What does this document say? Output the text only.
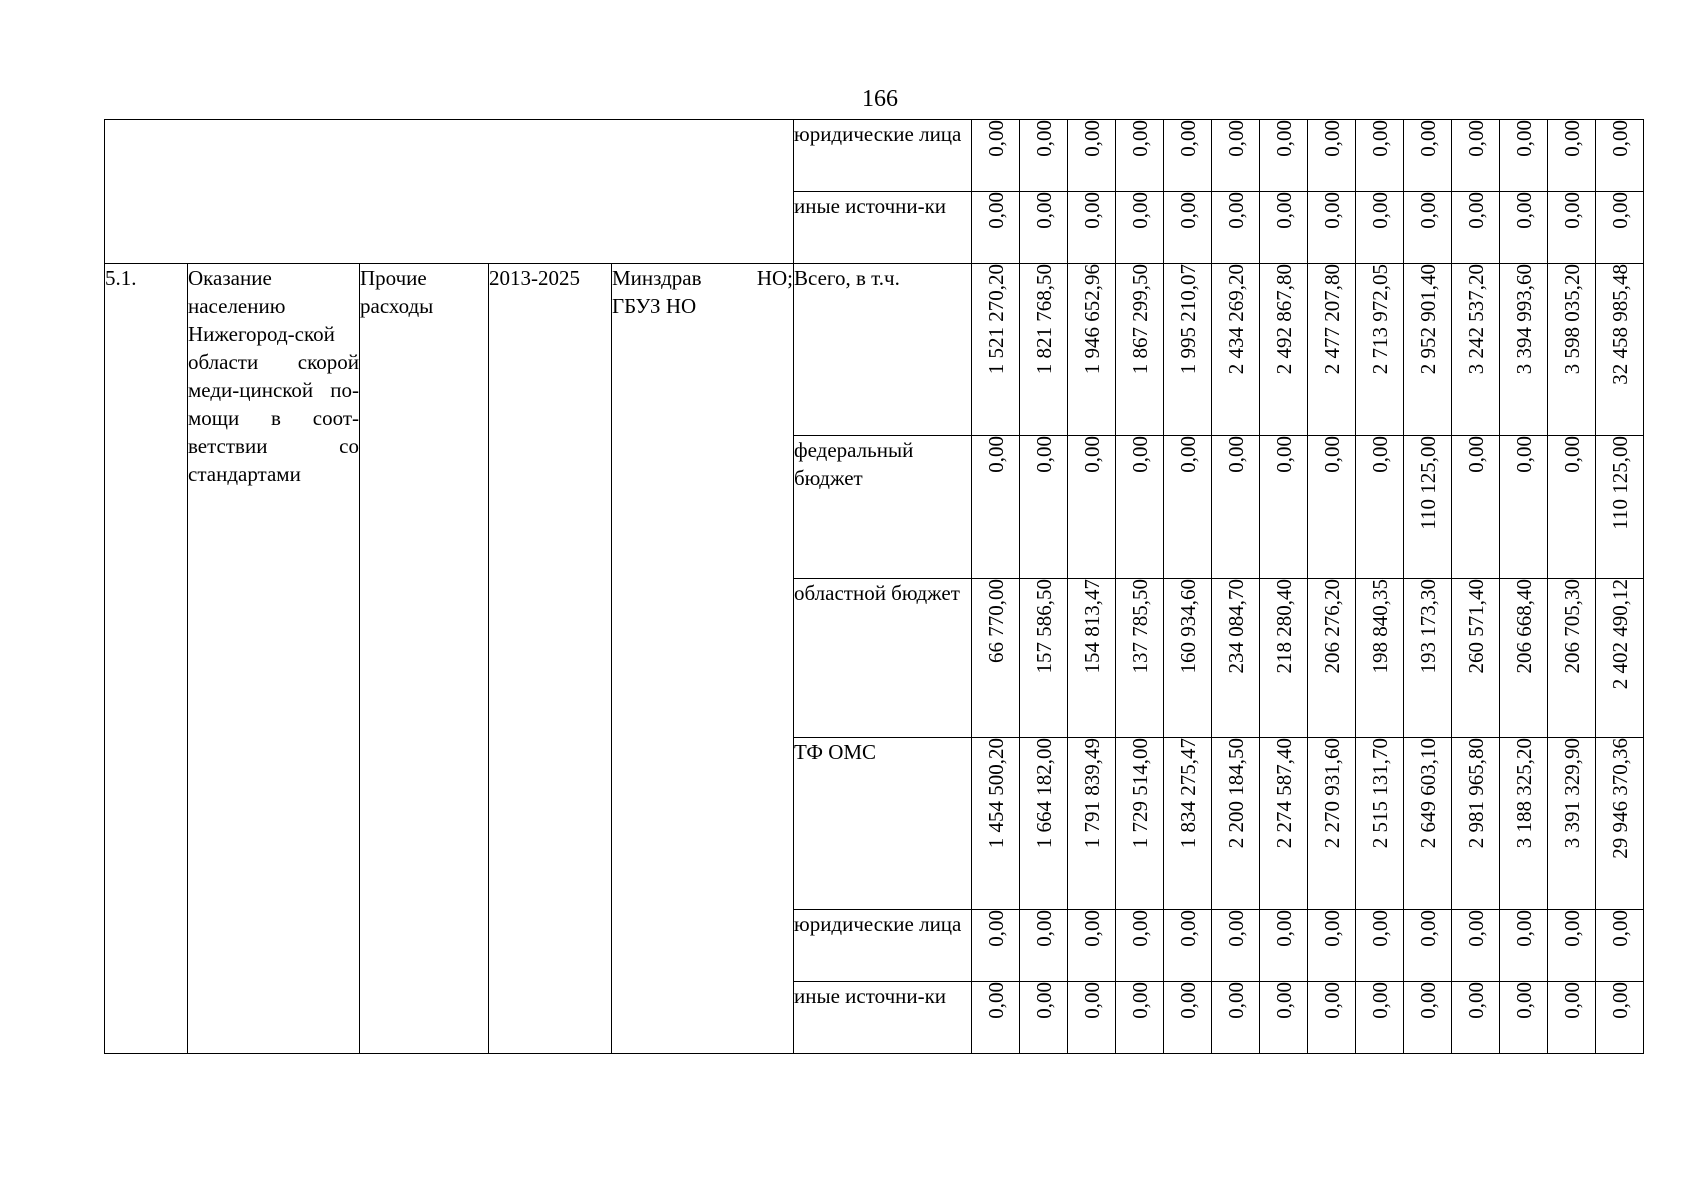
166
					юридические лица	0,00	0,00	0,00	0,00	0,00	0,00	0,00	0,00	0,00	0,00	0,00	0,00	0,00	0,00

					иные источни-​ки	0,00	0,00	0,00	0,00	0,00	0,00	0,00	0,00	0,00	0,00	0,00	0,00	0,00	0,00

5.1.	Оказание населению Нижегород-​ской области скорой меди-​цинской по-​мощи в соот-​ветствии со стандартами	Прочие расходы	2013-​2025	Минздрав НО; ГБУЗ НО	Всего, в т.ч.	1 521 270,20	1 821 768,50	1 946 652,96	1 867 299,50	1 995 210,07	2 434 269,20	2 492 867,80	2 477 207,80	2 713 972,05	2 952 901,40	3 242 537,20	3 394 993,60	3 598 035,20	32 458 985,48

					федеральный бюджет	0,00	0,00	0,00	0,00	0,00	0,00	0,00	0,00	0,00	110 125,00	0,00	0,00	0,00	110 125,00

					областной бюджет	66 770,00	157 586,50	154 813,47	137 785,50	160 934,60	234 084,70	218 280,40	206 276,20	198 840,35	193 173,30	260 571,40	206 668,40	206 705,30	2 402 490,12

					ТФ ОМС	1 454 500,20	1 664 182,00	1 791 839,49	1 729 514,00	1 834 275,47	2 200 184,50	2 274 587,40	2 270 931,60	2 515 131,70	2 649 603,10	2 981 965,80	3 188 325,20	3 391 329,90	29 946 370,36

					юридические лица	0,00	0,00	0,00	0,00	0,00	0,00	0,00	0,00	0,00	0,00	0,00	0,00	0,00	0,00

					иные источни-​ки	0,00	0,00	0,00	0,00	0,00	0,00	0,00	0,00	0,00	0,00	0,00	0,00	0,00	0,00
